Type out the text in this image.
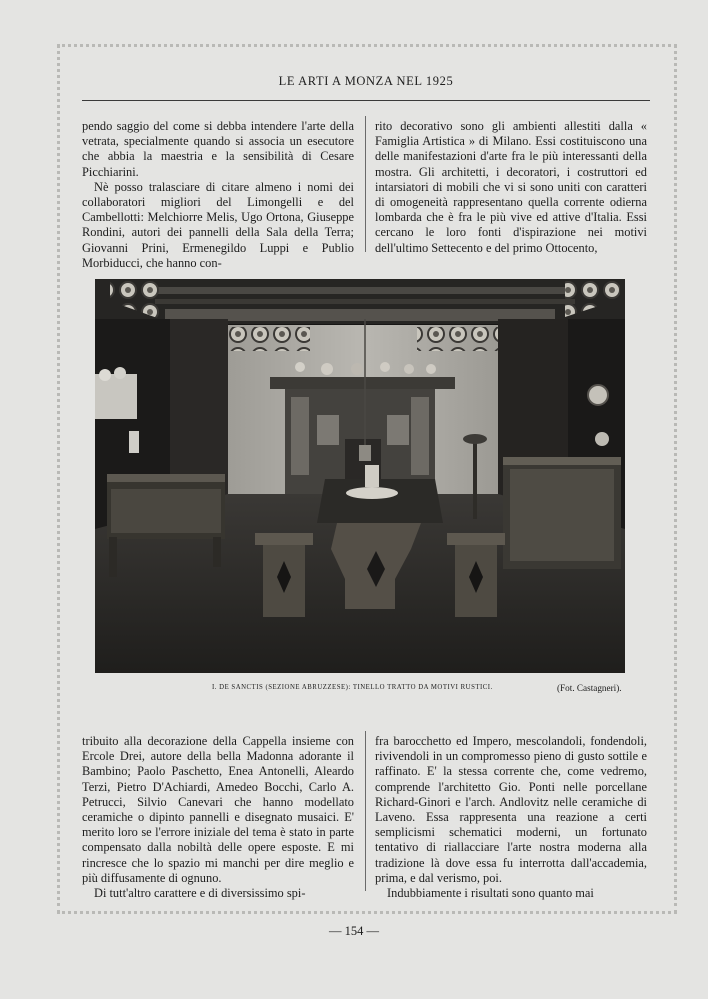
LE ARTI A MONZA NEL 1925

pendo saggio del come si debba intendere l'arte della vetrata, specialmente quando si associa un esecutore che abbia la maestria e la sensibilità di Cesare Picchiarini.

Nè posso tralasciare di citare almeno i nomi dei collaboratori migliori del Limongelli e del Cambellotti: Melchiorre Melis, Ugo Ortona, Giuseppe Rondini, autori dei pannelli della Sala della Terra; Giovanni Prini, Ermenegildo Luppi e Publio Morbiducci, che hanno con-

rito decorativo sono gli ambienti allestiti dalla « Famiglia Artistica » di Milano. Essi costituiscono una delle manifestazioni d'arte fra le più interessanti della mostra. Gli architetti, i decoratori, i costruttori ed intarsiatori di mobili che vi si sono uniti con caratteri di omogeneità rappresentano quella corrente odierna lombarda che è fra le più vive ed attive d'Italia. Essi cercano le loro fonti d'ispirazione nei motivi dell'ultimo Settecento e del primo Ottocento,

I. DE SANCTIS (SEZIONE ABRUZZESE): TINELLO TRATTO DA MOTIVI RUSTICI.	(Fot. Castagneri).

tribuito alla decorazione della Cappella insieme con Ercole Drei, autore della bella Madonna adorante il Bambino; Paolo Paschetto, Enea Antonelli, Aleardo Terzi, Pietro D'Achiardi, Amedeo Bocchi, Carlo A. Petrucci, Silvio Canevari che hanno modellato ceramiche o dipinto pannelli e disegnato musaici. E' merito loro se l'errore iniziale del tema è stato in parte compensato dalla nobiltà delle opere esposte. E mi rincresce che lo spazio mi manchi per dire meglio e più diffusamente di ognuno.

Di tutt'altro carattere e di diversissimo spi-

fra barocchetto ed Impero, mescolandoli, fondendoli, rivivendoli in un compromesso pieno di gusto sottile e raffinato. E' la stessa corrente che, come vedremo, comprende l'architetto Gio. Ponti nelle porcellane Richard-Ginori e l'arch. Andlovitz nelle ceramiche di Laveno. Essa rappresenta una reazione a certi semplicismi schematici moderni, un fortunato tentativo di riallacciare l'arte nostra moderna alla tradizione là dove essa fu interrotta dall'accademia, prima, e dal verismo, poi.

Indubbiamente i risultati sono quanto mai

— 154 —
